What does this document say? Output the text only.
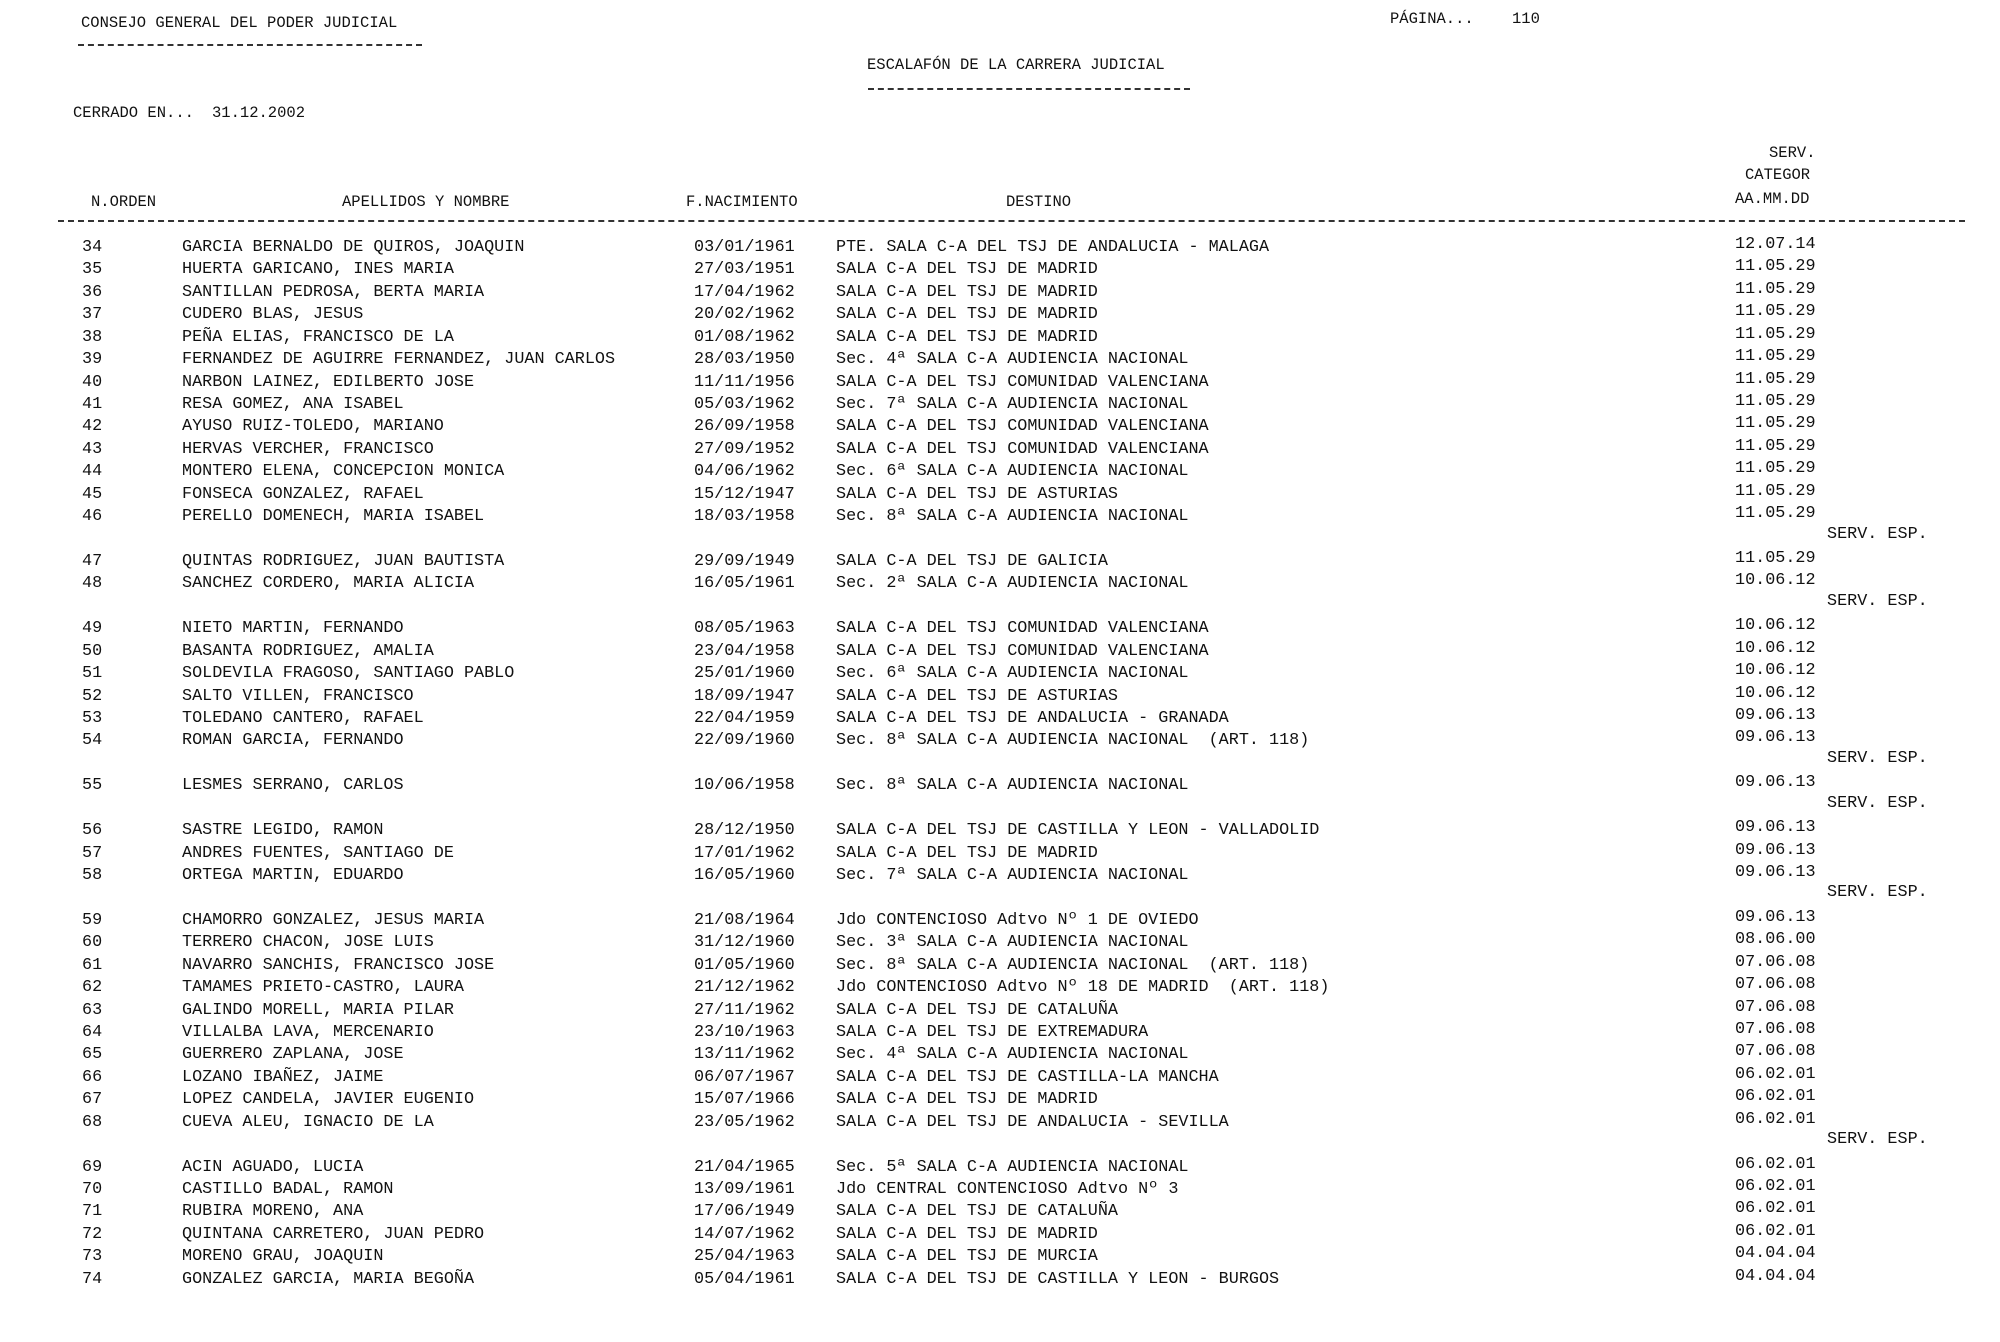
CONSEJO GENERAL DEL PODER JUDICIAL	PÁGINA... 110
ESCALAFÓN DE LA CARRERA JUDICIAL
CERRADO EN... 31.12.2002
SERV.
CATEGOR
AA.MM.DD
N.ORDEN	APELLIDOS Y NOMBRE	F.NACIMIENTO	DESTINO
34	GARCIA BERNALDO DE QUIROS, JOAQUIN	03/01/1961 PTE. SALA C-A DEL TSJ DE ANDALUCIA - MALAGA	12.07.14
35	HUERTA GARICANO, INES MARIA	27/03/1951 SALA C-A DEL TSJ DE MADRID	11.05.29
36	SANTILLAN PEDROSA, BERTA MARIA	17/04/1962 SALA C-A DEL TSJ DE MADRID	11.05.29
37	CUDERO BLAS, JESUS	20/02/1962 SALA C-A DEL TSJ DE MADRID	11.05.29
38	PEÑA ELIAS, FRANCISCO DE LA	01/08/1962 SALA C-A DEL TSJ DE MADRID	11.05.29
39	FERNANDEZ DE AGUIRRE FERNANDEZ, JUAN CARLOS	28/03/1950 Sec. 4ª SALA C-A AUDIENCIA NACIONAL	11.05.29
40	NARBON LAINEZ, EDILBERTO JOSE	11/11/1956 SALA C-A DEL TSJ COMUNIDAD VALENCIANA	11.05.29
41	RESA GOMEZ, ANA ISABEL	05/03/1962 Sec. 7ª SALA C-A AUDIENCIA NACIONAL	11.05.29
42	AYUSO RUIZ-TOLEDO, MARIANO	26/09/1958 SALA C-A DEL TSJ COMUNIDAD VALENCIANA	11.05.29
43	HERVAS VERCHER, FRANCISCO	27/09/1952 SALA C-A DEL TSJ COMUNIDAD VALENCIANA	11.05.29
44	MONTERO ELENA, CONCEPCION MONICA	04/06/1962 Sec. 6ª SALA C-A AUDIENCIA NACIONAL	11.05.29
45	FONSECA GONZALEZ, RAFAEL	15/12/1947 SALA C-A DEL TSJ DE ASTURIAS	11.05.29
46	PERELLO DOMENECH, MARIA ISABEL	18/03/1958 Sec. 8ª SALA C-A AUDIENCIA NACIONAL	11.05.29
SERV. ESP.
47	QUINTAS RODRIGUEZ, JUAN BAUTISTA	29/09/1949 SALA C-A DEL TSJ DE GALICIA	11.05.29
48	SANCHEZ CORDERO, MARIA ALICIA	16/05/1961 Sec. 2ª SALA C-A AUDIENCIA NACIONAL	10.06.12
SERV. ESP.
49	NIETO MARTIN, FERNANDO	08/05/1963 SALA C-A DEL TSJ COMUNIDAD VALENCIANA	10.06.12
50	BASANTA RODRIGUEZ, AMALIA	23/04/1958 SALA C-A DEL TSJ COMUNIDAD VALENCIANA	10.06.12
51	SOLDEVILA FRAGOSO, SANTIAGO PABLO	25/01/1960 Sec. 6ª SALA C-A AUDIENCIA NACIONAL	10.06.12
52	SALTO VILLEN, FRANCISCO	18/09/1947 SALA C-A DEL TSJ DE ASTURIAS	10.06.12
53	TOLEDANO CANTERO, RAFAEL	22/04/1959 SALA C-A DEL TSJ DE ANDALUCIA - GRANADA	09.06.13
54	ROMAN GARCIA, FERNANDO	22/09/1960 Sec. 8ª SALA C-A AUDIENCIA NACIONAL  (ART. 118)	09.06.13
SERV. ESP.
55	LESMES SERRANO, CARLOS	10/06/1958 Sec. 8ª SALA C-A AUDIENCIA NACIONAL	09.06.13
SERV. ESP.
56	SASTRE LEGIDO, RAMON	28/12/1950 SALA C-A DEL TSJ DE CASTILLA Y LEON - VALLADOLID	09.06.13
57	ANDRES FUENTES, SANTIAGO DE	17/01/1962 SALA C-A DEL TSJ DE MADRID	09.06.13
58	ORTEGA MARTIN, EDUARDO	16/05/1960 Sec. 7ª SALA C-A AUDIENCIA NACIONAL	09.06.13
SERV. ESP.
59	CHAMORRO GONZALEZ, JESUS MARIA	21/08/1964 Jdo CONTENCIOSO Adtvo Nº 1 DE OVIEDO	09.06.13
60	TERRERO CHACON, JOSE LUIS	31/12/1960 Sec. 3ª SALA C-A AUDIENCIA NACIONAL	08.06.00
61	NAVARRO SANCHIS, FRANCISCO JOSE	01/05/1960 Sec. 8ª SALA C-A AUDIENCIA NACIONAL  (ART. 118)	07.06.08
62	TAMAMES PRIETO-CASTRO, LAURA	21/12/1962 Jdo CONTENCIOSO Adtvo Nº 18 DE MADRID  (ART. 118)	07.06.08
63	GALINDO MORELL, MARIA PILAR	27/11/1962 SALA C-A DEL TSJ DE CATALUÑA	07.06.08
64	VILLALBA LAVA, MERCENARIO	23/10/1963 SALA C-A DEL TSJ DE EXTREMADURA	07.06.08
65	GUERRERO ZAPLANA, JOSE	13/11/1962 Sec. 4ª SALA C-A AUDIENCIA NACIONAL	07.06.08
66	LOZANO IBAÑEZ, JAIME	06/07/1967 SALA C-A DEL TSJ DE CASTILLA-LA MANCHA	06.02.01
67	LOPEZ CANDELA, JAVIER EUGENIO	15/07/1966 SALA C-A DEL TSJ DE MADRID	06.02.01
68	CUEVA ALEU, IGNACIO DE LA	23/05/1962 SALA C-A DEL TSJ DE ANDALUCIA - SEVILLA	06.02.01
SERV. ESP.
69	ACIN AGUADO, LUCIA	21/04/1965 Sec. 5ª SALA C-A AUDIENCIA NACIONAL	06.02.01
70	CASTILLO BADAL, RAMON	13/09/1961 Jdo CENTRAL CONTENCIOSO Adtvo Nº 3	06.02.01
71	RUBIRA MORENO, ANA	17/06/1949 SALA C-A DEL TSJ DE CATALUÑA	06.02.01
72	QUINTANA CARRETERO, JUAN PEDRO	14/07/1962 SALA C-A DEL TSJ DE MADRID	06.02.01
73	MORENO GRAU, JOAQUIN	25/04/1963 SALA C-A DEL TSJ DE MURCIA	04.04.04
74	GONZALEZ GARCIA, MARIA BEGOÑA	05/04/1961 SALA C-A DEL TSJ DE CASTILLA Y LEON - BURGOS	04.04.04
